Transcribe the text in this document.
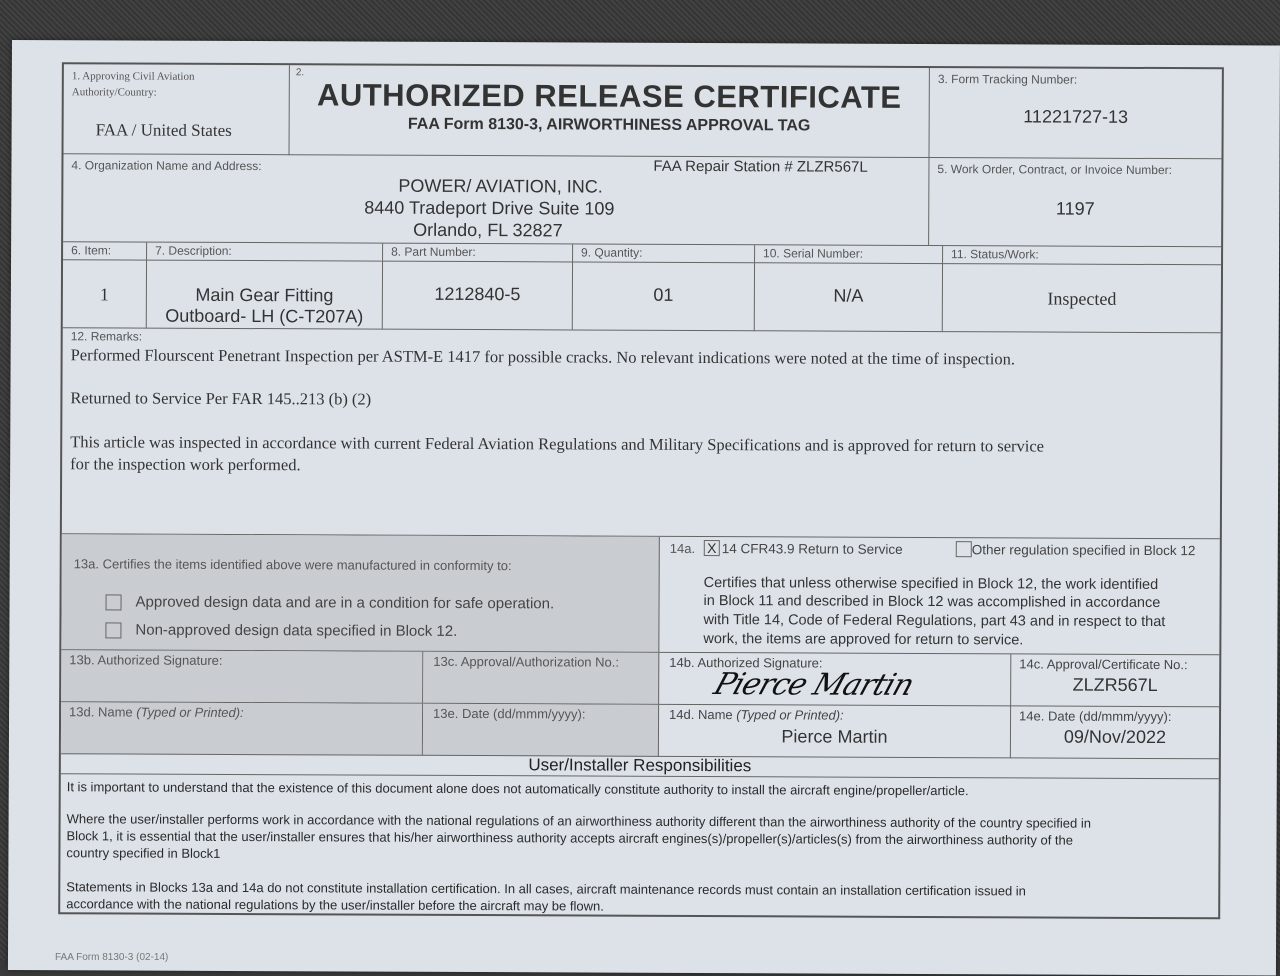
1. Approving Civil Aviation Authority/Country:
FAA / United States
2.
AUTHORIZED RELEASE CERTIFICATE
FAA Form 8130-3, AIRWORTHINESS APPROVAL TAG
3. Form Tracking Number:
11221727-13
4. Organization Name and Address:	FAA Repair Station # ZLZR567L
POWER/ AVIATION, INC.
8440 Tradeport Drive Suite 109
Orlando, FL 32827
5. Work Order, Contract, or Invoice Number:
1197
6. Item:	7. Description:	8. Part Number:	9. Quantity:	10. Serial Number:	11. Status/Work:
1	Main Gear Fitting
Outboard- LH (C-T207A)
1212840-5	01	N/A	Inspected
12. Remarks:
Performed Flourscent Penetrant Inspection per ASTM-E 1417 for possible cracks. No relevant indications were noted at the time of inspection.
Returned to Service Per FAR 145..213 (b) (2)
This article was inspected in accordance with current Federal Aviation Regulations and Military Specifications and is approved for return to service
for the inspection work performed.
13a. Certifies the items identified above were manufactured in conformity to:
Approved design data and are in a condition for safe operation.
Non-approved design data specified in Block 12.
14a. X 14 CFR43.9 Return to Service	Other regulation specified in Block 12
Certifies that unless otherwise specified in Block 12, the work identified
in Block 11 and described in Block 12 was accomplished in accordance
with Title 14, Code of Federal Regulations, part 43 and in respect to that
work, the items are approved for return to service.
13b. Authorized Signature:	13c. Approval/Authorization No.:	14b. Authorized Signature:
Pierce Martin
14c. Approval/Certificate No.:
ZLZR567L
13d. Name (Typed or Printed):	13e. Date (dd/mmm/yyyy):	14d. Name (Typed or Printed):
Pierce Martin
14e. Date (dd/mmm/yyyy):
09/Nov/2022
User/Installer Responsibilities
It is important to understand that the existence of this document alone does not automatically constitute authority to install the aircraft engine/propeller/article.
Where the user/installer performs work in accordance with the national regulations of an airworthiness authority different than the airworthiness authority of the country specified in
Block 1, it is essential that the user/installer ensures that his/her airworthiness authority accepts aircraft engines(s)/propeller(s)/articles(s) from the airworthiness authority of the
country specified in Block1
Statements in Blocks 13a and 14a do not constitute installation certification. In all cases, aircraft maintenance records must contain an installation certification issued in
accordance with the national regulations by the user/installer before the aircraft may be flown.
FAA Form 8130-3 (02-14)
